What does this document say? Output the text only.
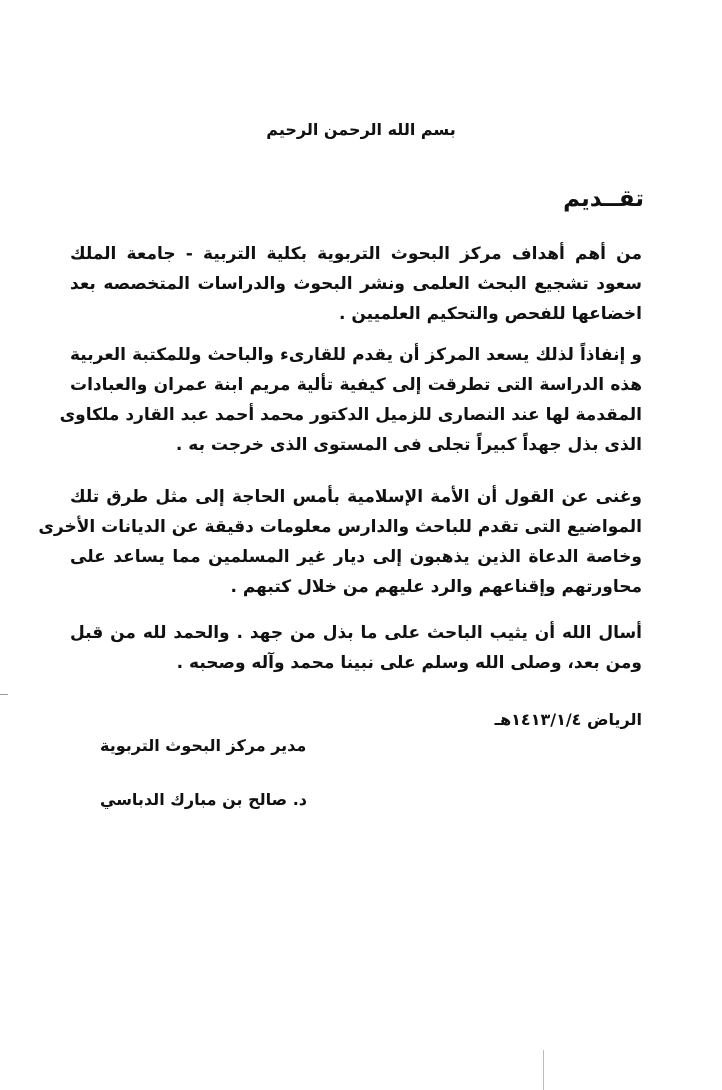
بسم الله الرحمن الرحيم
تقــديم
من أهم أهداف مركز البحوث التربوية بكلية التربية - جامعة الملك
سعود تشجيع البحث العلمى ونشر البحوث والدراسات المتخصصه بعد
اخضاعها للفحص والتحكيم العلميين .
و إنفاذاً لذلك يسعد المركز أن يقدم للقارىء والباحث وللمكتبة العربية
هذه الدراسة التى تطرقت إلى كيفية تألية مريم ابنة عمران والعبادات
المقدمة لها عند النصارى للزميل الدكتور محمد أحمد عبد القارد ملكاوى
الذى بذل جهداً كبيراً تجلى فى المستوى الذى خرجت به .
وغنى عن القول أن الأمة الإسلامية بأمس الحاجة إلى مثل طرق تلك
المواضيع التى تقدم للباحث والدارس معلومات دقيقة عن الديانات الأخرى
وخاصة الدعاة الذين يذهبون إلى ديار غير المسلمين مما يساعد على
محاورتهم وإقناعهم والرد عليهم من خلال كتبهم .
أسال الله أن يثيب الباحث على ما بذل من جهد . والحمد لله من قبل
ومن بعد، وصلى الله وسلم على نبينا محمد وآله وصحبه .
الرياض ١٤١٣/١/٤هـ
مدير مركز البحوث التربوية
د. صالح بن مبارك الدباسي
